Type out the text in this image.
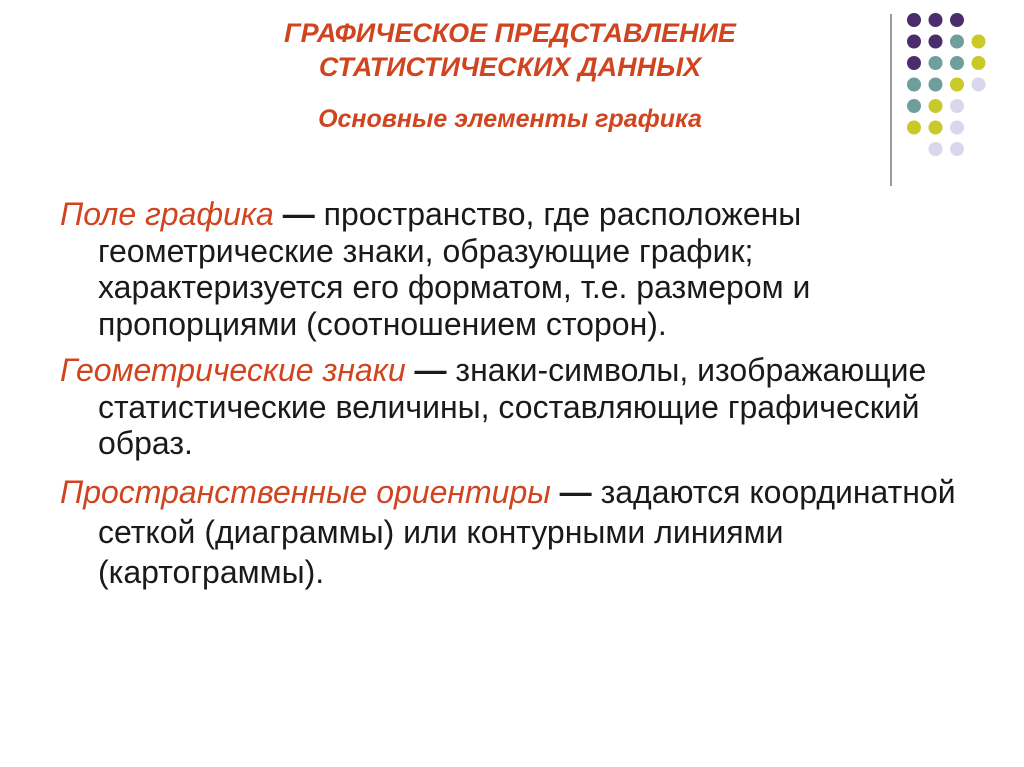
ГРАФИЧЕСКОЕ ПРЕДСТАВЛЕНИЕ
СТАТИСТИЧЕСКИХ ДАННЫХ
Основные элементы графика

Поле графика — пространство, где расположены геометрические знаки, образующие график; характеризуется его форматом, т.е. размером и пропорциями (соотношением сторон).

Геометрические знаки — знаки-символы, изображающие статистические величины, составляющие графический образ.

Пространственные ориентиры — задаются координатной сеткой (диаграммы) или контурными линиями (картограммы).
